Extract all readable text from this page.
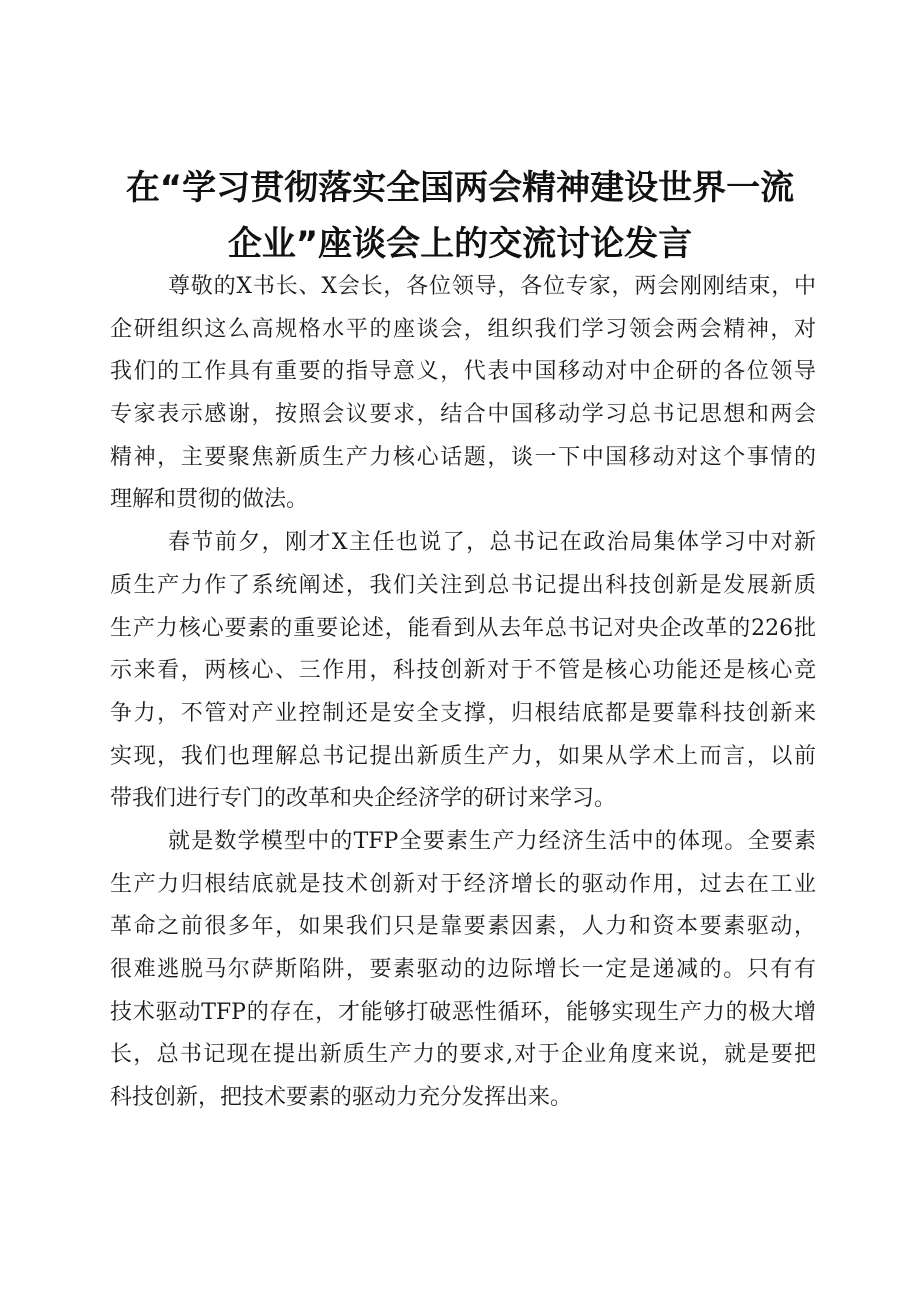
在“学习贯彻落实全国两会精神建设世界一流
企业”座谈会上的交流讨论发言
尊敬的X书长、X会长，各位领导，各位专家，两会刚刚结束，中
企研组织这么高规格水平的座谈会，组织我们学习领会两会精神，对
我们的工作具有重要的指导意义，代表中国移动对中企研的各位领导
专家表示感谢，按照会议要求，结合中国移动学习总书记思想和两会
精神，主要聚焦新质生产力核心话题，谈一下中国移动对这个事情的
理解和贯彻的做法。
春节前夕，刚才X主任也说了，总书记在政治局集体学习中对新
质生产力作了系统阐述，我们关注到总书记提出科技创新是发展新质
生产力核心要素的重要论述，能看到从去年总书记对央企改革的226批
示来看，两核心、三作用，科技创新对于不管是核心功能还是核心竞
争力，不管对产业控制还是安全支撑，归根结底都是要靠科技创新来
实现，我们也理解总书记提出新质生产力，如果从学术上而言，以前
带我们进行专门的改革和央企经济学的研讨来学习。
就是数学模型中的TFP全要素生产力经济生活中的体现。全要素
生产力归根结底就是技术创新对于经济增长的驱动作用，过去在工业
革命之前很多年，如果我们只是靠要素因素，人力和资本要素驱动，
很难逃脱马尔萨斯陷阱，要素驱动的边际增长一定是递减的。只有有
技术驱动TFP的存在，才能够打破恶性循环，能够实现生产力的极大增
长，总书记现在提出新质生产力的要求,对于企业角度来说，就是要把
科技创新，把技术要素的驱动力充分发挥出来。
